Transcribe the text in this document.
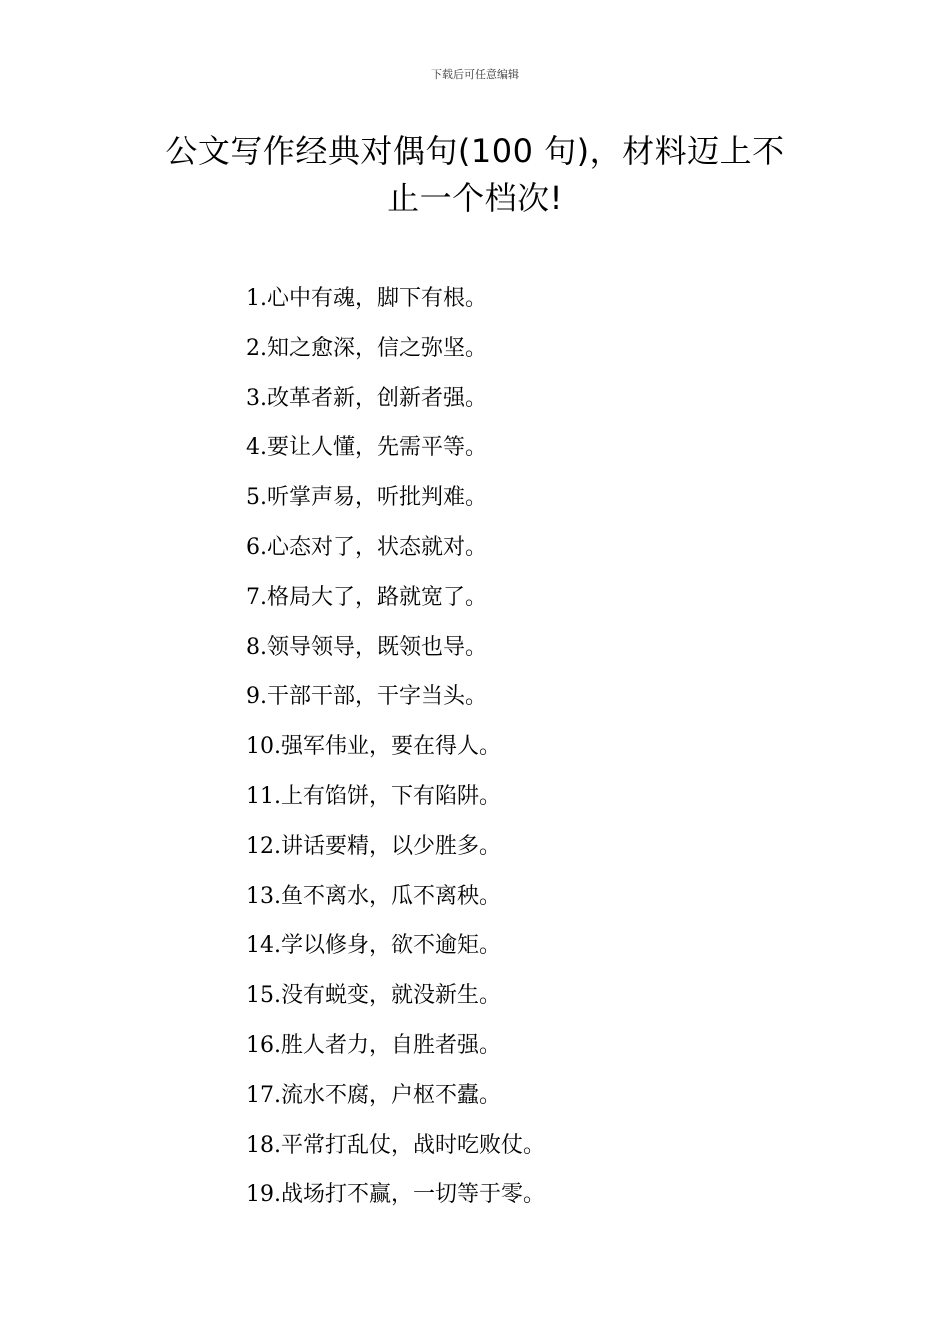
下载后可任意编辑
公文写作经典对偶句(100 句)，材料迈上不
止一个档次!
1.心中有魂，脚下有根。
2.知之愈深，信之弥坚。
3.改革者新，创新者强。
4.要让人懂，先需平等。
5.听掌声易，听批判难。
6.心态对了，状态就对。
7.格局大了，路就宽了。
8.领导领导，既领也导。
9.干部干部，干字当头。
10.强军伟业，要在得人。
11.上有馅饼，下有陷阱。
12.讲话要精，以少胜多。
13.鱼不离水，瓜不离秧。
14.学以修身，欲不逾矩。
15.没有蜕变，就没新生。
16.胜人者力，自胜者强。
17.流水不腐，户枢不蠹。
18.平常打乱仗，战时吃败仗。
19.战场打不赢，一切等于零。
